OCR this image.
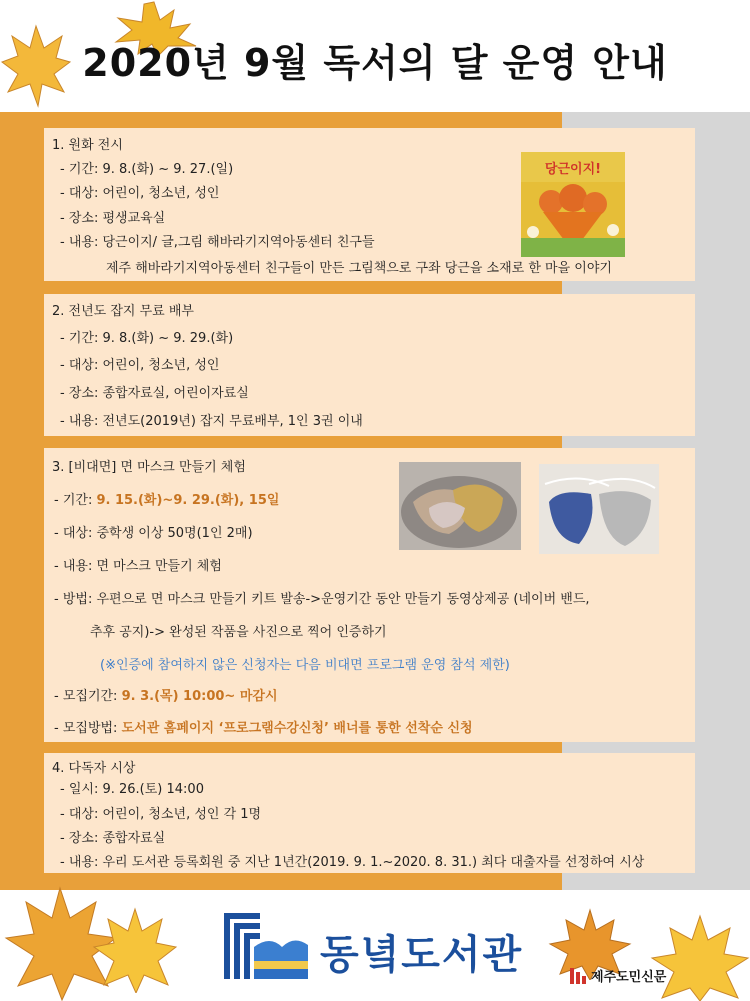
2020년 9월 독서의 달 운영 안내
1. 원화 전시
- 기간: 9. 8.(화) ~ 9. 27.(일)
- 대상: 어린이, 청소년, 성인
- 장소: 평생교육실
- 내용: 당근이지/ 글,그림 해바라기지역아동센터 친구들
제주 해바라기지역아동센터 친구들이 만든 그림책으로 구좌 당근을 소재로 한 마을 이야기
당근이지!
2. 전년도 잡지 무료 배부
- 기간: 9. 8.(화) ~ 9. 29.(화)
- 대상: 어린이, 청소년, 성인
- 장소: 종합자료실, 어린이자료실
- 내용: 전년도(2019년) 잡지 무료배부, 1인 3권 이내
3. [비대면] 면 마스크 만들기 체험
- 기간: 9. 15.(화)~9. 29.(화), 15일
- 대상: 중학생 이상 50명(1인 2매)
- 내용: 면 마스크 만들기 체험
- 방법: 우편으로 면 마스크 만들기 키트 발송->운영기간 동안 만들기 동영상제공 (네이버 밴드,
추후 공지)-> 완성된 작품을 사진으로 찍어 인증하기
(※인증에 참여하지 않은 신청자는 다음 비대면 프로그램 운영 참석 제한)
- 모집기간: 9. 3.(목) 10:00~ 마감시
- 모집방법: 도서관 홈페이지 ‘프로그램수강신청’ 배너를 통한 선착순 신청
4. 다독자 시상
- 일시: 9. 26.(토) 14:00
- 대상: 어린이, 청소년, 성인 각 1명
- 장소: 종합자료실
- 내용: 우리 도서관 등록회원 중 지난 1년간(2019. 9. 1.~2020. 8. 31.) 최다 대출자를 선정하여 시상
동녘도서관	제주도민신문
